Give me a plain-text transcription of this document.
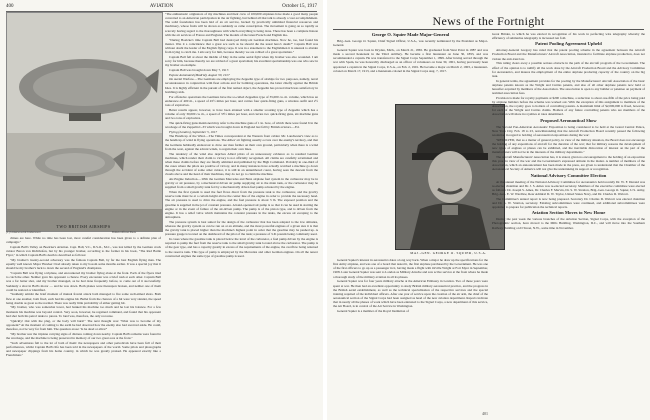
400	AVIATION	October 15, 1917
(C) Underwood & Underwood	British Official Photo
TWO BRITISH AIRSHIPS

chines are here. While no time has been lost, most careful consideration has been given to a definite plan of campaign."

Captain Ball's Valley on Boelcke's Aviation. Capt. Ball, V.C., D.S.O., M.C., was lost killed by the German crack aviator Baron von Richthofen, but by his younger brother, according to the former in his book, "The Red Battle Flyer," in which Captain Ball's death is described as follows:

"My brother's twenty-second adversary was the famous Captain Ball, by far the best English flying man. The equally well known Major Hawker I had already taken to my bosom some months earlier. It was a special joy that it should be my brother's luck to down the second of England's champions.

"Captain Ball was flying a triplane, and encountered my brother flying alone at the front. Each of the flyers tried to catch the other. Neither gave his opponent a chance. Every encounter was a brief rush at each other. Captain Ball was a far better shot, and my brother managed, as he had done frequently before, to come out of it successfully. Suddenly a shot in Ball's motor — and he was down. Both planes were thereupon broken, and neither one of them could be noticed or identified.

"Suddenly amidst the brief moment of mutual frontal attack both managed to fire some well-aimed shots. Both flew at one another, both fired, each had his engine hit. Bullet from the chances of a hit were very slender, the speed being double as great as the normal. There was really little probability of either getting hit.

"My brother, who was somewhat lower, had banked his machine too much and he lost his balance. For a few moments his machine was beyond control. Very soon, however, he regained command, and found that his opponent had shot both his petrol tanks to pieces. To land was, therefore, the only recourse.

"Quickly! Out with the plug, or the body will burn!" The next thought was: 'What was to become of my opponent?' At the moment of coming to the earth he had observed how the enemy also had swerved aside. He could, therefore, not be very far from him. The question arose: 'Is he dead or alive?'

"My brother saw the triplane carrying signs of distress coming down nearby. Captain Ball's remains were found in the wreckage, and the machine is being preserved in memory of our two great aces at the front."

"Such adventures fall to the lot of both of them: the newspapers and other periodicals have been full of their performances, whilst Captain Ball's life has been told in the newspapers of the world. Some pilots and photographs and newspaper clippings from his home country, in which he was greatly praised. He appeared exactly like a Frenchman."

"The enthusiastic originators of my machines and their crew of 100,000 airplanes have made a good many people converted to an American participation in the air fighting, but behind all that talk is already a vast accomplishment. The solid foundation has been laid of an air service, backed by practically unlimited financial resources and machinery, whose fruits will be shown as suddenly as came conscription. The movement is going on so rapidly as scarcely having regard to the thoroughness with which everything is being done. There has been a complete liaison with the air services of France and England. The models of the latest French and English ma-

"During Boelcke's time Captain Ball had destroyed thirty-six German machines. Now he, too, had found his master. Was it a coincidence that a great ace such as he should die the usual hero's death?" Captain Ball was without doubt the leader of the English flying corps. It was in a statement to the Englishmen it is unusual to abstain from trying to catch me. I am sorry for him, because thereby we are robbed of a great sportsman."

Captain Ball fell at about the middle of May in the same aerial fight when my brother was also wounded. I am sorry for him, because thereby we are robbed of a great sportsman; his excellent sportsmanship was one who saw in my brother an example.

Captain Ball was brought down May 7, 1917.

Expose Automated (Madrid), August 30, 1917

On Aerial Warfare.—The Germans are employing the Zeppelin type of airships for two purposes, namely, naval reconnaissance in conjunction with fleet actions and for bombing operations, the latter chiefly against the British Isles. It is highly efficient in the pursuit of the first named object, the Zeppelin has proved much less satisfactory in bombing raids.

For offensive operations the Germans have the so-called Zeppelins type of 35,000 cu. m. volume, which has an endurance of 400 m., a speed of 45½ miles per hour, and carries four quick-firing guns, a wireless outfit and 2½ tons of explosives.

Better results appear, however, to have been attained with a smaller scouting type of Zeppelin which has a volume of only 30,000 cu. m., a speed of 35½ miles per hour, and carries two quick-firing guns, six machine guns and two tons of explosives.

The quick-firing guns mentioned may refer to the machine guns of 1 in. bore, of which there were found 6 in the wreckage of the Zeppelin L-33 which was brought down in England last fall by British aviators.—Ed.

Flying (London), September 5, 1917

The Handicap of the Wind.—The Times correspondent at the Western front cables: Mr. Lanchester's view as to the handicap of wind in flying operations. The Allies' air fighting usually occurs over the enemy's territory, and that the Germans habitually endeavour to draw our men further on their own ground, particularly when there is a wind from the west, against the advent winds, to regain their own lines.

The tendency of the wind also deprives Allied pilots of an unnecessary evidence as to resulted German machines, which render their claim to victory is not officially recognized. All claims are carefully scrutinized and when these claims before they are finally admitted and published by the High Command. Probably in one-third of the cases where the pilots are positive of victory, and in many instances have actually watched a machine go down through the accident of some other aviator, it is still in an unnumbered count, having seen the descent from the clouds above and the head of their machines, they do not go to claim the machine.

Air-Engine Induction.—With the German Mercedes and Benz airplane fuel system in the carburetor may be in gravity or air pressure, by a mechanical driven air pump supplying air to the main tank, or the carburetor may be supplied from a small gravity tank fed by a mechanically driven fuel pump actuated by the engine.

When the first system is used the fuel flows direct from the pressure tank to the carburetor, and the gravity reserve tank must be at a certain height above the center line of the engine in order to provide the necessary head. The air pressure is used to drive the engine, and the fuel pressure is about 3 lb. The exposed position and the gasoline is supplied in the jet of constant pressure. A hand-operated air pump is so that it can be used in starting the engine or in the event of failure of the air-driven pump. The pump is of the piston type, and is driven from the engine. It has a relief valve which maintains the constant pressure in the tanks, the excess air escaping to the atmosphere.

The pressure system is best suited for the design of the carburetor that has been adapted to the low altitudes, whereas the gravity system as can be run on at an altitude, and the most powerful engines of a given size it is that the gravity tank is placed higher than the machine's highest point in order that the gasoline may be pushed up. A pressure gauge is located on the dashboard of the pilot of the tank; a pressure of 3-lb pounds being commonly used.

In cases where the gasoline tank is placed below the level of the carburetor, a fuel pump driven by the engine is required to pump the fuel from the reserve tank to the small gravity tank located above the carburetor. The pump is of the gear type, and has a capacity greatly in excess of the requirements of the engine, the overflow being returned to the reserve tank. This type of pump is employed by the Mercedes and other German engines. On all the newer constructed engines the same type of gasoline pump is used.

News of the Fortnight
George O. Squier Made Major-General

Brig.-Gen. George O. Squier, Chief Signal Officer, U.S.A., was recently nominated by the President as Major-General.

General Squier was born in Dryden, Mich., on March 21, 1865. He graduated from West Point in 1887 and was made a second lieutenant in the Third Artillery. He became a first lieutenant on June 30, 1893, and was recommended a captain. He was transferred to the Signal Corps September 1, 1899. After having served through the war with Spain, he was honorably discharged as an officer of volunteers on June 30, 1901, having previously been appointed a captain in the Signal Corps, U.S.A., on Feb. 2, 1901. He became a major on March 2, 1903, a lieutenant-colonel on March 17, 1913, and a lieutenant-colonel in the Signal Corps Aug. 7, 1917.

MAJ.-GEN. GEORGE O. SQUIER, U.S.A.

General Squier's interest in aeronautics dates a long way back. When a major he drew up the specifications for the first Army airplane, and was one of a board that tested it, the first airplane purchased by the Government. He was one of the first officers to go up as a passenger in it, having made a flight with Orville Wright at Fort Myer in September, 1908. Later General Squier was sent to London as Military Attache and saw active service at the front where he made a thorough study of the military aviation in all its phases.

General Squier was for four years military attache at the American Embassy in London. Two of these years were spent at war. He then had an excellent opportunity to study British military aeronautical practice, and the progress in the British aerial establishment, as well as the technical specialization of the respective services and the special training required of the individual officers. After one year of service upon the creation of the air arm, the chief of the aeronautical section of the Signal Corps had been assigned as head of the new aviation department. Reports indicate that in nearly all the phases of work which have been entrusted to the Signal Corps, a new department of this service, the Air Board, is in control of the Air Service in Washington.

General Squier is a member of the Royal Institution of

Great Britain, to which he was elected in recognition of his work in perfecting wire telegraphy whereby the efficiency of submarine telegraphy is increased ten fold.

Patent Pooling Agreement Upheld

Attorney-General Gregory has ruled that the patent pooling scheme in the agreement between the Aircraft Production Board and the Manufacturers' Aircraft Association, intended to facilitate airplane production, does not violate the anti-trust law.

This ruling clears away a possible serious obstacle in the path of the aircraft program of the Government. The effect of the opinion is to nullify all the work done by the Aircraft Production Board and the Advisory Committee for Aeronautics, and insures the employment of the entire airplane producing capacity of the country on the big task.

In general terms, the agreement provides for the pooling by the Manufacturers' Aircraft Association of the basic airplane patents known as the Wright and Curtiss patents, and also of all other airplane patents now held or hereafter acquired by members of the Association. The association is open to any builder or patentee on payment of nominal association fees.

Provision is made for royalty payments at $200 a machine, a reduction to about one-fifth of the price being paid by airplane builders before the scheme was worked out. With the exception of this assignment to members of the Association, the royalty goes to holders of controlling patents. A maximum limit of $2,000,000 is fixed, however, for each of the Wright and Curtiss claims. Holders of any future controlling patents who are members of the Association will share in royalties at rates determined.

Proposed Aeronautical Show

The Second Pan-American Aeronautic Exposition is being considered to be held at the Grand Central Palace, New York City, Feb. 18 to 23, notwithstanding that the Aircraft Production Board recently passed the following resolution in regard to holding of aeronautical expositions during the war:

"RESOLVED, that as a matter of general policy, in view of the military situation, the Board does not encourage the holding of any expositions of aircraft for the duration of the war; that for military reasons the development of new types of engines or planes can be exhibited, and the inevitable dislocation of interest on the part of the manufacturers will not be in the interests of the military departments."

The Aircraft Manufacturers' Association has, it is stated, given no encouragement to the holding of an exposition this year, in view of the war and the Government's expressed attitude in the matter. A number of members of the Association, which an announcement has been made in the press, are given to understand that the Chamber of the Aeronautical Society of America will not give the undertaking its support or recognition.

National Advisory Committee Election

At the annual meeting of the National Advisory Committee for Aeronautics held recently Dr. W. F. Durand was re-elected chairman and Dr. J. S. Ames was re-elected secretary. Members of the executive committee were elected as follows: Dr. Joseph S. Ames, Dr. Charles F. Marvin, Dr. S. W. Stratton, Brig.-Gen. George O. Squier, U.S. Army, Brig.-Gen. E. W. Wardlaw, Rear Admiral D. W. Taylor, United States Navy, and Dr. Charles D. Walcott.

The Committee's annual report is now being prepared. Secretary Dr. Charles D. Walcott was elected chairman and Dr. S. W. Stratton, secretary. Existing subcommittees were continued, and additional subcommittees were appointed to prepare for publication the technical reports.

Aviation Section Moves to New Home

During the past week the various branches of the Aviation Section, Signal Corps, with the exception of the Photographic section, have moved to the Mills Building, Washington, D.C., and will move into the Southern Railway Building on D Street, N.W., some time in November.

401
